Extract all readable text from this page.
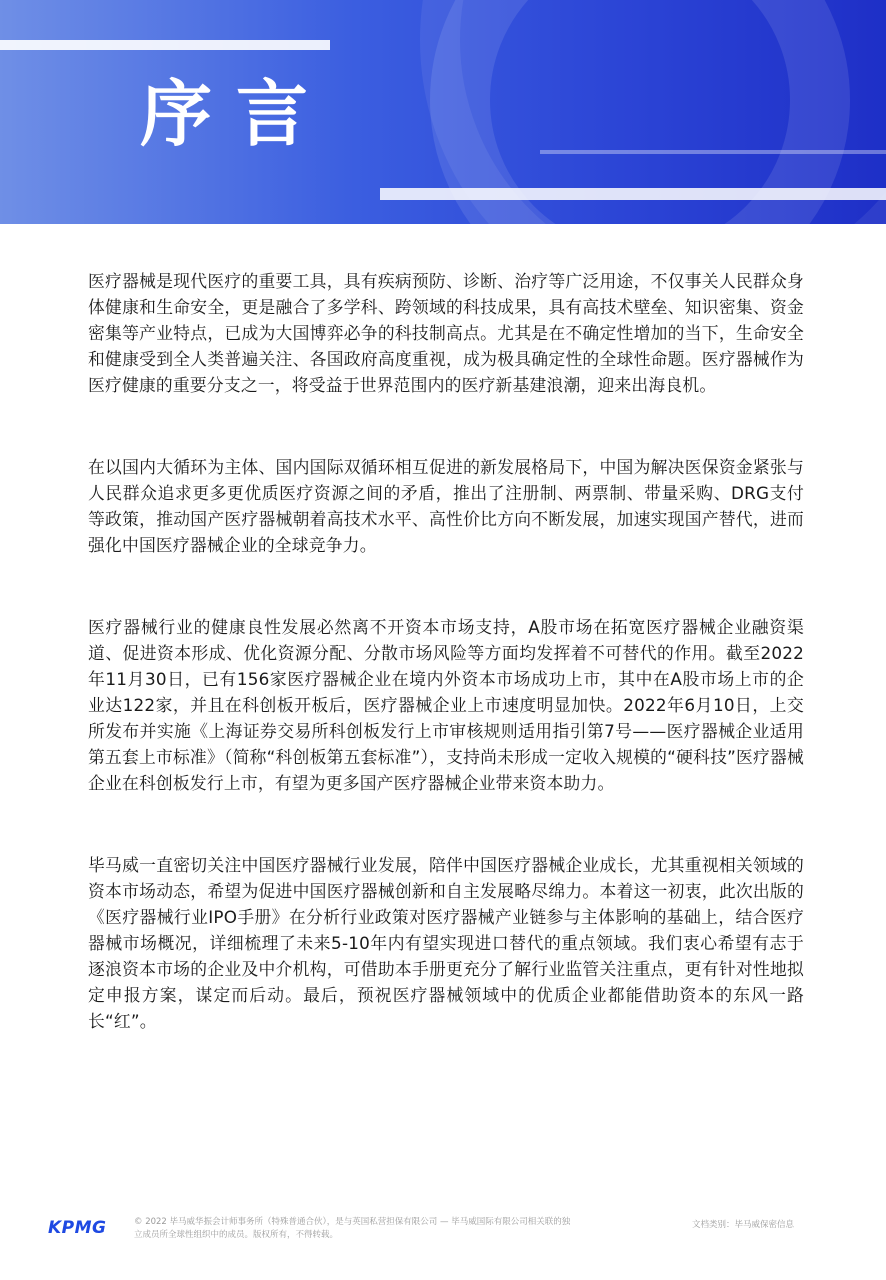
序言

医疗器械是现代医疗的重要工具，具有疾病预防、诊断、治疗等广泛用途，不仅事关人民群众身体健康和生命安全，更是融合了多学科、跨领域的科技成果，具有高技术壁垒、知识密集、资金密集等产业特点，已成为大国博弈必争的科技制高点。尤其是在不确定性增加的当下，生命安全和健康受到全人类普遍关注、各国政府高度重视，成为极具确定性的全球性命题。医疗器械作为医疗健康的重要分支之一，将受益于世界范围内的医疗新基建浪潮，迎来出海良机。

在以国内大循环为主体、国内国际双循环相互促进的新发展格局下，中国为解决医保资金紧张与人民群众追求更多更优质医疗资源之间的矛盾，推出了注册制、两票制、带量采购、DRG支付等政策，推动国产医疗器械朝着高技术水平、高性价比方向不断发展，加速实现国产替代，进而强化中国医疗器械企业的全球竞争力。

医疗器械行业的健康良性发展必然离不开资本市场支持，A股市场在拓宽医疗器械企业融资渠道、促进资本形成、优化资源分配、分散市场风险等方面均发挥着不可替代的作用。截至2022年11月30日，已有156家医疗器械企业在境内外资本市场成功上市，其中在A股市场上市的企业达122家，并且在科创板开板后，医疗器械企业上市速度明显加快。2022年6月10日，上交所发布并实施《上海证券交易所科创板发行上市审核规则适用指引第7号——医疗器械企业适用第五套上市标准》（简称“科创板第五套标准”），支持尚未形成一定收入规模的“硬科技”医疗器械企业在科创板发行上市，有望为更多国产医疗器械企业带来资本助力。

毕马威一直密切关注中国医疗器械行业发展，陪伴中国医疗器械企业成长，尤其重视相关领域的资本市场动态，希望为促进中国医疗器械创新和自主发展略尽绵力。本着这一初衷，此次出版的《医疗器械行业IPO手册》在分析行业政策对医疗器械产业链参与主体影响的基础上，结合医疗器械市场概况，详细梳理了未来5-10年内有望实现进口替代的重点领域。我们衷心希望有志于逐浪资本市场的企业及中介机构，可借助本手册更充分了解行业监管关注重点，更有针对性地拟定申报方案，谋定而后动。最后，预祝医疗器械领域中的优质企业都能借助资本的东风一路长“红”。

KPMG	© 2022 毕马威华振会计师事务所（特殊普通合伙），是与英国私营担保有限公司 — 毕马威国际有限公司相关联的独立成员所全球性组织中的成员。版权所有，不得转载。
文档类别：毕马威保密信息
